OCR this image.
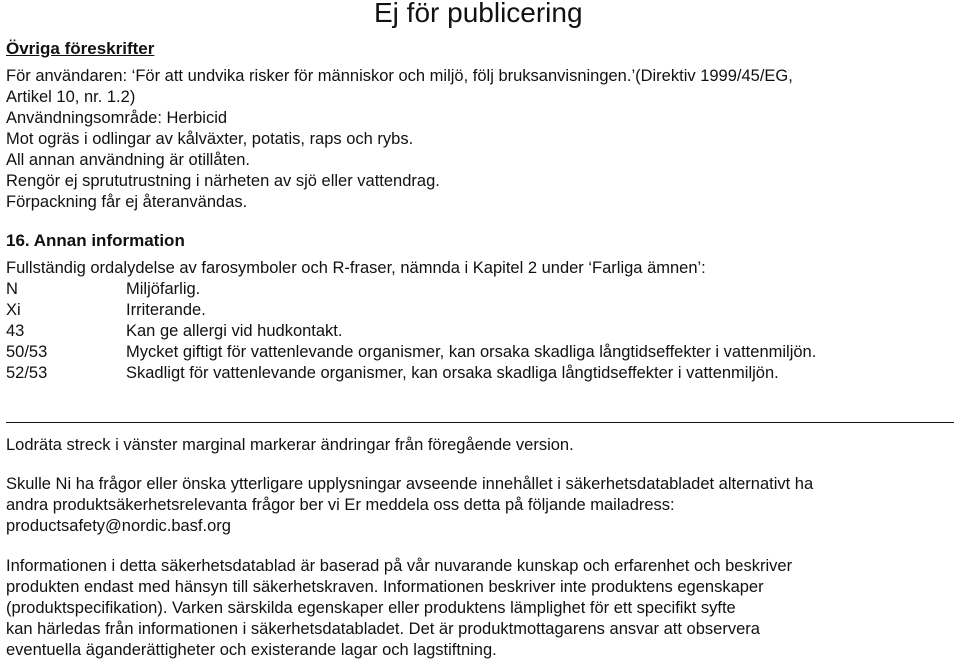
Ej för publicering
Övriga föreskrifter
För användaren: ‘För att undvika risker för människor och miljö, följ bruksanvisningen.’(Direktiv 1999/45/EG,
Artikel 10, nr. 1.2)
Användningsområde: Herbicid
Mot ogräs i odlingar av kålväxter, potatis, raps och rybs.
All annan användning är otillåten.
Rengör ej sprututrustning i närheten av sjö eller vattendrag.
Förpackning får ej återanvändas.
16. Annan information
Fullständig ordalydelse av farosymboler och R-fraser, nämnda i Kapitel 2 under ‘Farliga ämnen’:
N	Miljöfarlig.
Xi	Irriterande.
43	Kan ge allergi vid hudkontakt.
50/53	Mycket giftigt för vattenlevande organismer, kan orsaka skadliga långtidseffekter i vattenmiljön.
52/53	Skadligt för vattenlevande organismer, kan orsaka skadliga långtidseffekter i vattenmiljön.
Lodräta streck i vänster marginal markerar ändringar från föregående version.
Skulle Ni ha frågor eller önska ytterligare upplysningar avseende innehållet i säkerhetsdatabladet alternativt ha
andra produktsäkerhetsrelevanta frågor ber vi Er meddela oss detta på följande mailadress:
productsafety@nordic.basf.org
Informationen i detta säkerhetsdatablad är baserad på vår nuvarande kunskap och erfarenhet och beskriver
produkten endast med hänsyn till säkerhetskraven. Informationen beskriver inte produktens egenskaper
(produktspecifikation). Varken särskilda egenskaper eller produktens lämplighet för ett specifikt syfte
kan härledas från informationen i säkerhetsdatabladet. Det är produktmottagarens ansvar att observera
eventuella äganderättigheter och existerande lagar och lagstiftning.
